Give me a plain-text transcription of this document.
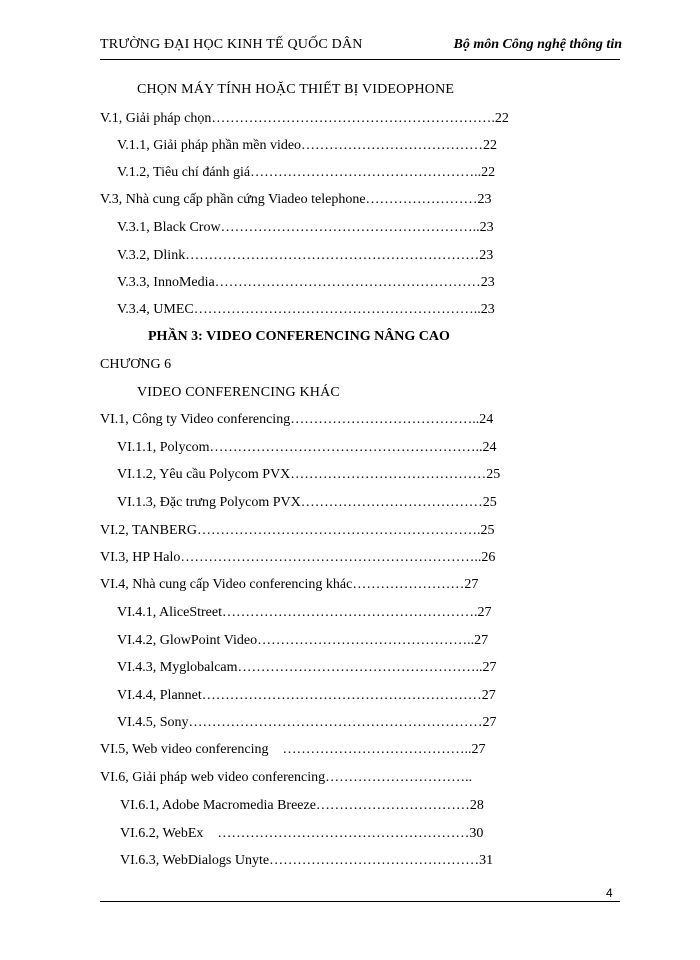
TRƯỜNG ĐẠI HỌC KINH TẾ QUỐC DÂN	Bộ môn Công nghệ thông tin
CHỌN MÁY TÍNH HOẶC THIẾT BỊ VIDEOPHONE
V.1, Giải pháp chọn…………………………………………………….22
V.1.1, Giải pháp phần mền video…………………………………22
V.1.2, Tiêu chí đánh giá…………………………………………..22
V.3, Nhà cung cấp phần cứng Viadeo telephone……………………23
V.3.1, Black Crow………………………………………………..23
V.3.2, Dlink………………………………………………………23
V.3.3, InnoMedia…………………………………………………23
V.3.4, UMEC……………………………………………………..23
PHẦN 3: VIDEO CONFERENCING NÂNG CAO
CHƯƠNG 6
VIDEO CONFERENCING KHÁC
VI.1, Công ty Video conferencing…………………………………..24
VI.1.1, Polycom…………………………………………………..24
VI.1.2, Yêu cầu Polycom PVX……………………………………25
VI.1.3, Đặc trưng Polycom PVX…………………………………25
VI.2, TANBERG…………………………………………………….25
VI.3, HP Halo………………………………………………………..26
VI.4, Nhà cung cấp Video conferencing khác……………………27
VI.4.1, AliceStreet……………………………………………….27
VI.4.2, GlowPoint Video………………………………………..27
VI.4.3, Myglobalcam……………………………………………..27
VI.4.4, Plannet……………………………………………………27
VI.4.5, Sony………………………………………………………27
VI.5, Web video conferencing    …………………………………..27
VI.6, Giải pháp web video conferencing…………………………..
VI.6.1, Adobe Macromedia Breeze……………………………28
VI.6.2, WebEx    ………………………………………………30
VI.6.3, WebDialogs Unyte………………………………………31
4
